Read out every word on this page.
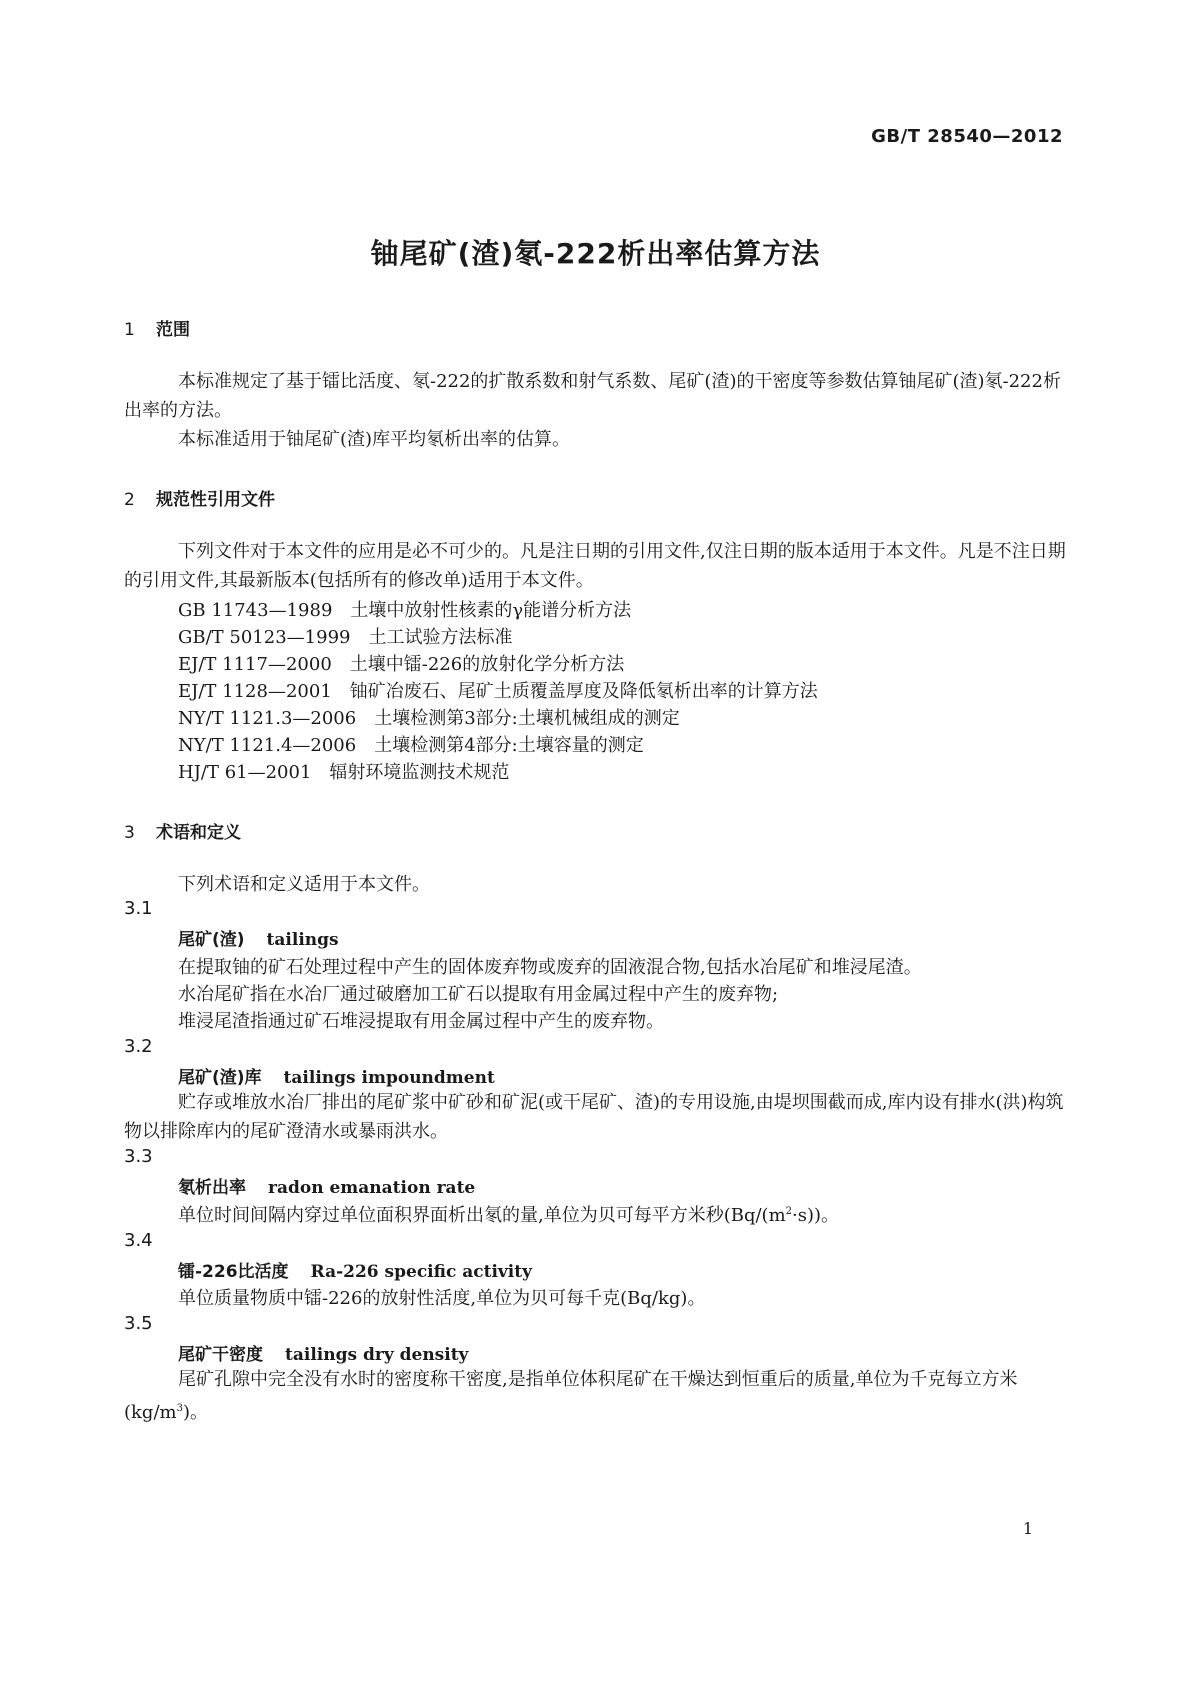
GB/T 28540—2012
铀尾矿(渣)氡-222析出率估算方法
1 范围
本标准规定了基于镭比活度、氡-222的扩散系数和射气系数、尾矿(渣)的干密度等参数估算铀尾矿(渣)氡-222析出率的方法。
本标准适用于铀尾矿(渣)库平均氡析出率的估算。
2 规范性引用文件
下列文件对于本文件的应用是必不可少的。凡是注日期的引用文件,仅注日期的版本适用于本文件。凡是不注日期的引用文件,其最新版本(包括所有的修改单)适用于本文件。
GB 11743—1989 土壤中放射性核素的γ能谱分析方法
GB/T 50123—1999 土工试验方法标准
EJ/T 1117—2000 土壤中镭-226的放射化学分析方法
EJ/T 1128—2001 铀矿冶废石、尾矿土质覆盖厚度及降低氡析出率的计算方法
NY/T 1121.3—2006 土壤检测第3部分:土壤机械组成的测定
NY/T 1121.4—2006 土壤检测第4部分:土壤容量的测定
HJ/T 61—2001 辐射环境监测技术规范
3 术语和定义
下列术语和定义适用于本文件。
3.1
尾矿(渣) tailings
在提取铀的矿石处理过程中产生的固体废弃物或废弃的固液混合物,包括水冶尾矿和堆浸尾渣。
水冶尾矿指在水冶厂通过破磨加工矿石以提取有用金属过程中产生的废弃物;
堆浸尾渣指通过矿石堆浸提取有用金属过程中产生的废弃物。
3.2
尾矿(渣)库 tailings impoundment
贮存或堆放水冶厂排出的尾矿浆中矿砂和矿泥(或干尾矿、渣)的专用设施,由堤坝围截而成,库内设有排水(洪)构筑物以排除库内的尾矿澄清水或暴雨洪水。
3.3
氡析出率 radon emanation rate
单位时间间隔内穿过单位面积界面析出氡的量,单位为贝可每平方米秒$(Bq/(m^2\cdot s))$。
3.4
镭-226比活度 Ra-226 specific activity
单位质量物质中镭-226的放射性活度,单位为贝可每千克(Bq/kg)。
3.5
尾矿干密度 tailings dry density
尾矿孔隙中完全没有水时的密度称干密度,是指单位体积尾矿在干燥达到恒重后的质量,单位为千克每立方米$(kg/m^3)$。
1
